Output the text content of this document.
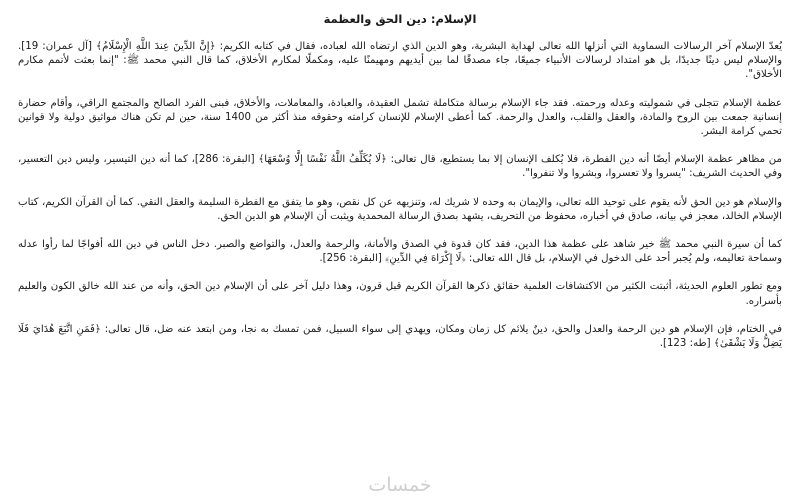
الإسلام: دين الحق والعظمة

يُعدّ الإسلام آخر الرسالات السماوية التي أنزلها الله تعالى لهداية البشرية، وهو الدين الذي ارتضاه الله لعباده، فقال في كتابه الكريم: ﴿إِنَّ الدِّينَ عِندَ اللَّهِ الْإِسْلَامُ﴾ [آل عمران: 19]. والإسلام ليس دينًا جديدًا، بل هو امتداد لرسالات الأنبياء جميعًا، جاء مصدقًا لما بين أيديهم ومهيمنًا عليه، ومكملًا لمكارم الأخلاق، كما قال النبي محمد ﷺ: "إنما بعثت لأتمم مكارم الأخلاق".

عظمة الإسلام تتجلى في شموليته وعدله ورحمته. فقد جاء الإسلام برسالة متكاملة تشمل العقيدة، والعبادة، والمعاملات، والأخلاق، فبنى الفرد الصالح والمجتمع الراقي، وأقام حضارة إنسانية جمعت بين الروح والمادة، والعقل والقلب، والعدل والرحمة. كما أعطى الإسلام للإنسان كرامته وحقوقه منذ أكثر من 1400 سنة، حين لم تكن هناك مواثيق دولية ولا قوانين تحمي كرامة البشر.

من مظاهر عظمة الإسلام أيضًا أنه دين الفطرة، فلا يُكلف الإنسان إلا بما يستطيع، قال تعالى: ﴿لَا يُكَلِّفُ اللَّهُ نَفْسًا إِلَّا وُسْعَهَا﴾ [البقرة: 286]، كما أنه دين التيسير، وليس دين التعسير، وفي الحديث الشريف: "يسروا ولا تعسروا، وبشروا ولا تنفروا".

والإسلام هو دين الحق لأنه يقوم على توحيد الله تعالى، والإيمان به وحده لا شريك له، وتنزيهه عن كل نقص، وهو ما يتفق مع الفطرة السليمة والعقل النقي. كما أن القرآن الكريم، كتاب الإسلام الخالد، معجز في بيانه، صادق في أخباره، محفوظ من التحريف، يشهد بصدق الرسالة المحمدية ويثبت أن الإسلام هو الدين الحق.

كما أن سيرة النبي محمد ﷺ خير شاهد على عظمة هذا الدين، فقد كان قدوة في الصدق والأمانة، والرحمة والعدل، والتواضع والصبر. دخل الناس في دين الله أفواجًا لما رأوا عدله وسماحة تعاليمه، ولم يُجبر أحد على الدخول في الإسلام، بل قال الله تعالى: ﴿لَا إِكْرَاهَ فِي الدِّينِ﴾ [البقرة: 256].

ومع تطور العلوم الحديثة، أثبتت الكثير من الاكتشافات العلمية حقائق ذكرها القرآن الكريم قبل قرون، وهذا دليل آخر على أن الإسلام دين الحق، وأنه من عند الله خالق الكون والعليم بأسراره.

في الختام، فإن الإسلام هو دين الرحمة والعدل والحق، دينٌ يلائم كل زمان ومكان، ويهدي إلى سواء السبيل، فمن تمسك به نجا، ومن ابتعد عنه ضل، قال تعالى: ﴿فَمَنِ اتَّبَعَ هُدَايَ فَلَا يَضِلُّ وَلَا يَشْقَىٰ﴾ [طه: 123].

خمسات
